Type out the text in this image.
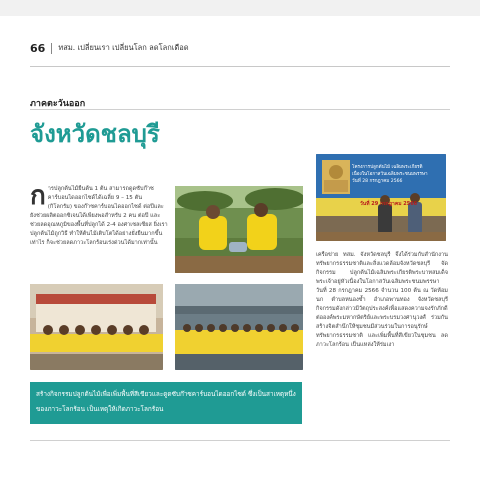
66 ทสม. เปลี่ยนเรา เปลี่ยนโลก ลดโลกเดือด
ภาคตะวันออก
จังหวัดชลบุรี
ก ารปลูกต้นไม้ยืนต้น 1 ต้น สามารถดูดซับก๊าซคาร์บอนไดออกไซด์ได้เฉลี่ย 9 – 15 ตัน (กิโลกรัม) ของก๊าซคาร์บอนไดออกไซด์ ต่อปีและยังช่วยผลิตออกซิเจนได้เพียงพอสำหรับ 2 คน ต่อปี และช่วยลดอุณหภูมิของพื้นที่ปลูกได้ 2-4 องศาเซลเซียส ยิ่งเราปลูกต้นไม้ถูกวิธี ทำให้ต้นไม้เติบโตได้อย่างยั่งยืนมากขึ้นเท่าไร ก็จะช่วยลดภาวะโลกร้อนเร่งด่วนได้มากเท่านั้น
โครงการปลูกต้นไม้ เฉลิมพระเกียรติ
เนื่องในโอกาสวันเฉลิมพระชนมพรรษา
วันที่ 28 กรกฎาคม 2566
วันที่ 29 กรกฎาคม 2566
เครือข่าย ทสม. จังหวัดชลบุรี จึงได้ร่วมกับสำนักงานทรัพยากรธรรมชาติและสิ่งแวดล้อมจังหวัดชลบุรี จัดกิจกรรม ปลูกต้นไม้เฉลิมพระเกียรติพระบาทสมเด็จพระเจ้าอยู่หัวเนื่องในโอกาสวันเฉลิมพระชนมพรรษา วันที่ 28 กรกฎาคม 2566 จำนวน 100 ต้น ณ วัดห้อมนก ตำบลหนองซ้ำ อำเภอพานทอง จังหวัดชลบุรี กิจกรรมดังกล่าวมีวัตถุประสงค์เพื่อแสดงความจงรักภักดีต่อองค์พระมหากษัตริย์และพระบรมวงศานุวงศ์ ร่วมกันสร้างจิตสำนึกให้ชุมชนมีส่วนร่วมในการอนุรักษ์ทรัพยากรธรรมชาติ และเพิ่มพื้นที่สีเขียวในชุมชน ลดภาวะโลกร้อน เป็นแหล่งให้ร่มเงา
สร้างกิจกรรมปลูกต้นไม้เพื่อเพิ่มพื้นที่สีเขียวและดูดซับก๊าซคาร์บอนไดออกไซด์ ซึ่งเป็นสาเหตุหนึ่งของภาวะโลกร้อน เป็นเหตุให้เกิดภาวะโลกร้อน
